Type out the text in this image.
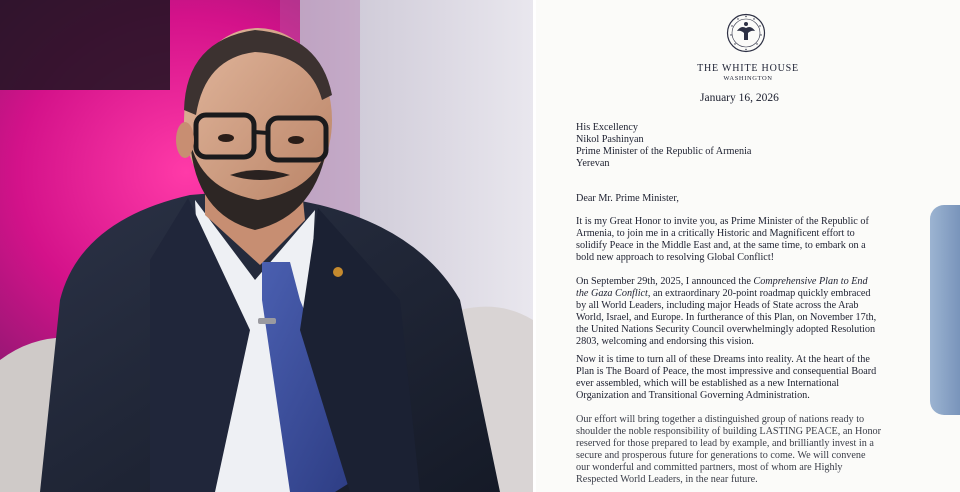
THE WHITE HOUSE
WASHINGTON
January 16, 2026
His Excellency
Nikol Pashinyan
Prime Minister of the Republic of Armenia
Yerevan
Dear Mr. Prime Minister,
It is my Great Honor to invite you, as Prime Minister of the Republic of
Armenia, to join me in a critically Historic and Magnificent effort to
solidify Peace in the Middle East and, at the same time, to embark on a
bold new approach to resolving Global Conflict!
On September 29th, 2025, I announced the Comprehensive Plan to End
the Gaza Conflict, an extraordinary 20-point roadmap quickly embraced
by all World Leaders, including major Heads of State across the Arab
World, Israel, and Europe. In furtherance of this Plan, on November 17th,
the United Nations Security Council overwhelmingly adopted Resolution
2803, welcoming and endorsing this vision.
Now it is time to turn all of these Dreams into reality. At the heart of the
Plan is The Board of Peace, the most impressive and consequential Board
ever assembled, which will be established as a new International
Organization and Transitional Governing Administration.
Our effort will bring together a distinguished group of nations ready to
shoulder the noble responsibility of building LASTING PEACE, an Honor
reserved for those prepared to lead by example, and brilliantly invest in a
secure and prosperous future for generations to come. We will convene
our wonderful and committed partners, most of whom are Highly
Respected World Leaders, in the near future.
